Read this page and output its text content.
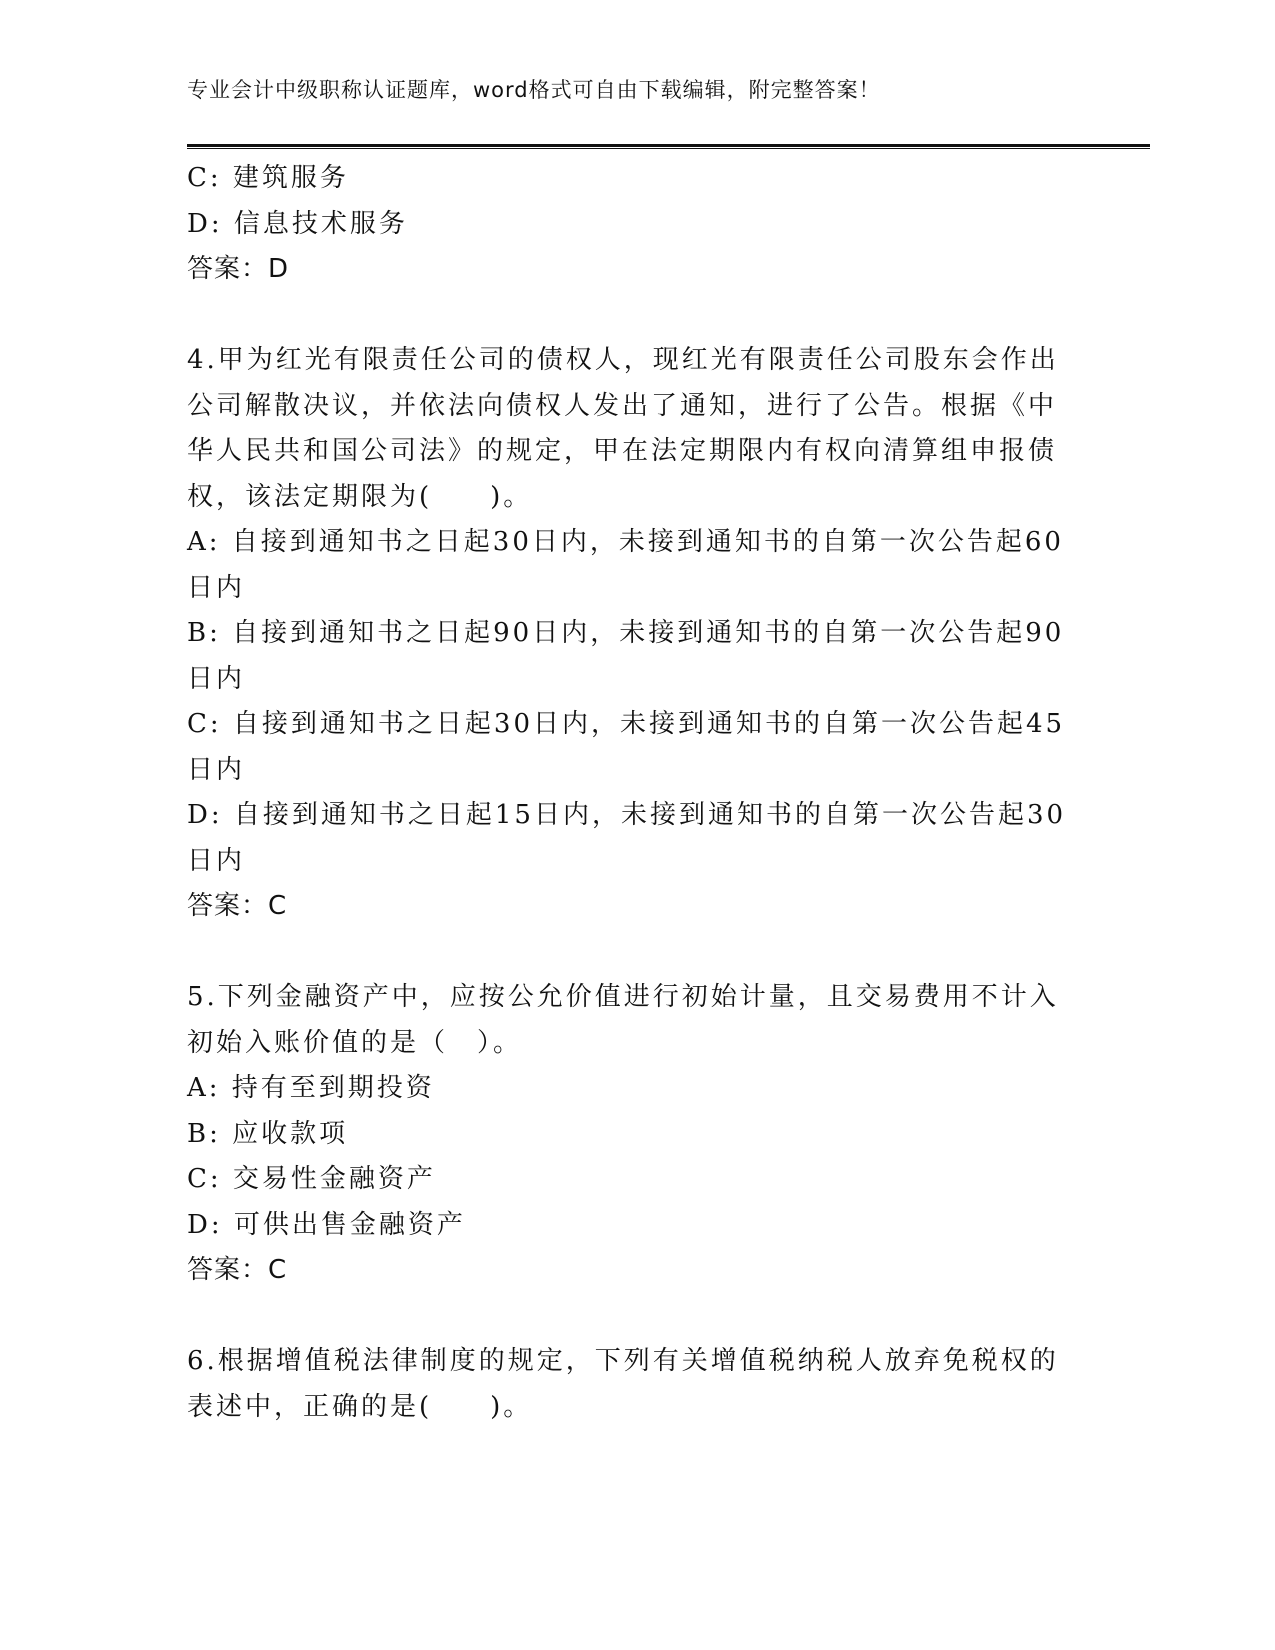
专业会计中级职称认证题库，word格式可自由下载编辑，附完整答案！

C: 建筑服务

D: 信息技术服务

答案：D

4.甲为红光有限责任公司的债权人，现红光有限责任公司股东会作出

公司解散决议，并依法向债权人发出了通知，进行了公告。根据《中

华人民共和国公司法》的规定，甲在法定期限内有权向清算组申报债

权，该法定期限为(　　)。

A: 自接到通知书之日起30日内，未接到通知书的自第一次公告起60

日内

B: 自接到通知书之日起90日内，未接到通知书的自第一次公告起90

日内

C: 自接到通知书之日起30日内，未接到通知书的自第一次公告起45

日内

D: 自接到通知书之日起15日内，未接到通知书的自第一次公告起30

日内

答案：C

5.下列金融资产中，应按公允价值进行初始计量，且交易费用不计入

初始入账价值的是（　）。

A: 持有至到期投资

B: 应收款项

C: 交易性金融资产

D: 可供出售金融资产

答案：C

6.根据增值税法律制度的规定，下列有关增值税纳税人放弃免税权的

表述中，正确的是(　　)。
